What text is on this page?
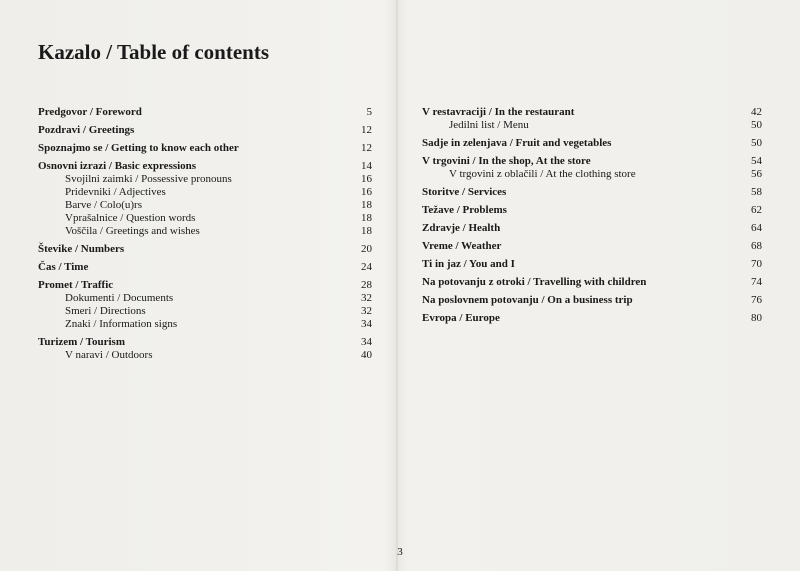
Kazalo / Table of contents
Predgovor / Foreword	5
Pozdravi / Greetings	12
Spoznajmo se / Getting to know each other	12
Osnovni izrazi / Basic expressions	14
Svojilni zaimki / Possessive pronouns	16
Pridevniki / Adjectives	16
Barve / Colo(u)rs	18
Vprašalnice / Question words	18
Voščila / Greetings and wishes	18
Števike / Numbers	20
Čas / Time	24
Promet / Traffic	28
Dokumenti / Documents	32
Smeri / Directions	32
Znaki / Information signs	34
Turizem / Tourism	34
V naravi / Outdoors	40
V restavraciji / In the restaurant	42
Jedilni list / Menu	50
Sadje in zelenjava / Fruit and vegetables	50
V trgovini / In the shop, At the store	54
V trgovini z oblačili / At the clothing store	56
Storitve / Services	58
Težave / Problems	62
Zdravje / Health	64
Vreme / Weather	68
Ti in jaz / You and I	70
Na potovanju z otroki / Travelling with children	74
Na poslovnem potovanju / On a business trip	76
Evropa / Europe	80
3
